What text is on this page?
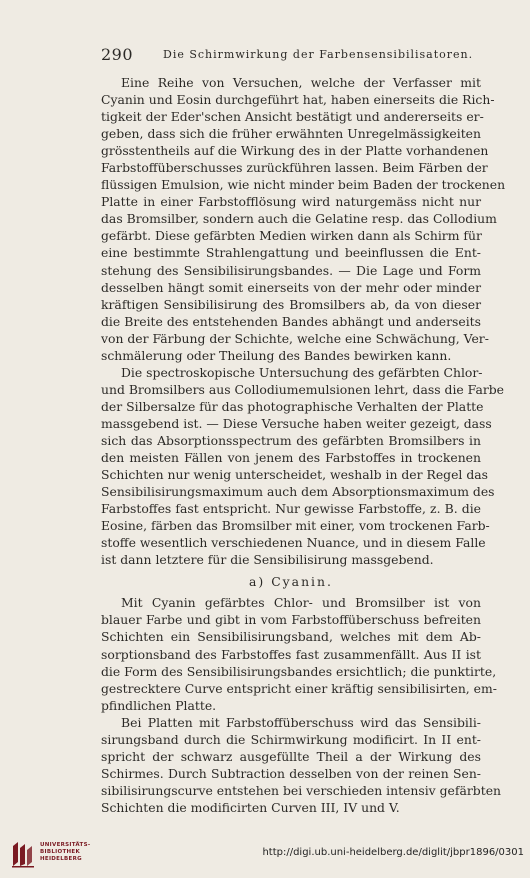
290	Die Schirmwirkung der Farbensensibilisatoren.
Eine Reihe von Versuchen, welche der Verfasser mit
Cyanin und Eosin durchgeführt hat, haben einerseits die Rich-
tigkeit der Eder'schen Ansicht bestätigt und andererseits er-
geben, dass sich die früher erwähnten Unregelmässigkeiten
grösstentheils auf die Wirkung des in der Platte vorhandenen
Farbstoffüberschusses zurückführen lassen. Beim Färben der
flüssigen Emulsion, wie nicht minder beim Baden der trockenen
Platte in einer Farbstofflösung wird naturgemäss nicht nur
das Bromsilber, sondern auch die Gelatine resp. das Collodium
gefärbt. Diese gefärbten Medien wirken dann als Schirm für
eine bestimmte Strahlengattung und beeinflussen die Ent-
stehung des Sensibilisirungsbandes. — Die Lage und Form
desselben hängt somit einerseits von der mehr oder minder
kräftigen Sensibilisirung des Bromsilbers ab, da von dieser
die Breite des entstehenden Bandes abhängt und anderseits
von der Färbung der Schichte, welche eine Schwächung, Ver-
schmälerung oder Theilung des Bandes bewirken kann.
Die spectroskopische Untersuchung des gefärbten Chlor-
und Bromsilbers aus Collodiumemulsionen lehrt, dass die Farbe
der Silbersalze für das photographische Verhalten der Platte
massgebend ist. — Diese Versuche haben weiter gezeigt, dass
sich das Absorptionsspectrum des gefärbten Bromsilbers in
den meisten Fällen von jenem des Farbstoffes in trockenen
Schichten nur wenig unterscheidet, weshalb in der Regel das
Sensibilisirungsmaximum auch dem Absorptionsmaximum des
Farbstoffes fast entspricht. Nur gewisse Farbstoffe, z. B. die
Eosine, färben das Bromsilber mit einer, vom trockenen Farb-
stoffe wesentlich verschiedenen Nuance, und in diesem Falle
ist dann letztere für die Sensibilisirung massgebend.
a) Cyanin.
Mit Cyanin gefärbtes Chlor- und Bromsilber ist von
blauer Farbe und gibt in vom Farbstoffüberschuss befreiten
Schichten ein Sensibilisirungsband, welches mit dem Ab-
sorptionsband des Farbstoffes fast zusammenfällt. Aus II ist
die Form des Sensibilisirungsbandes ersichtlich; die punktirte,
gestrecktere Curve entspricht einer kräftig sensibilisirten, em-
pfindlichen Platte.
Bei Platten mit Farbstoffüberschuss wird das Sensibili-
sirungsband durch die Schirmwirkung modificirt. In II ent-
spricht der schwarz ausgefüllte Theil a der Wirkung des
Schirmes. Durch Subtraction desselben von der reinen Sen-
sibilisirungscurve entstehen bei verschieden intensiv gefärbten
Schichten die modificirten Curven III, IV und V.
UNIVERSITÄTS-
BIBLIOTHEK
HEIDELBERG
http://digi.ub.uni-heidelberg.de/diglit/jbpr1896/0301
